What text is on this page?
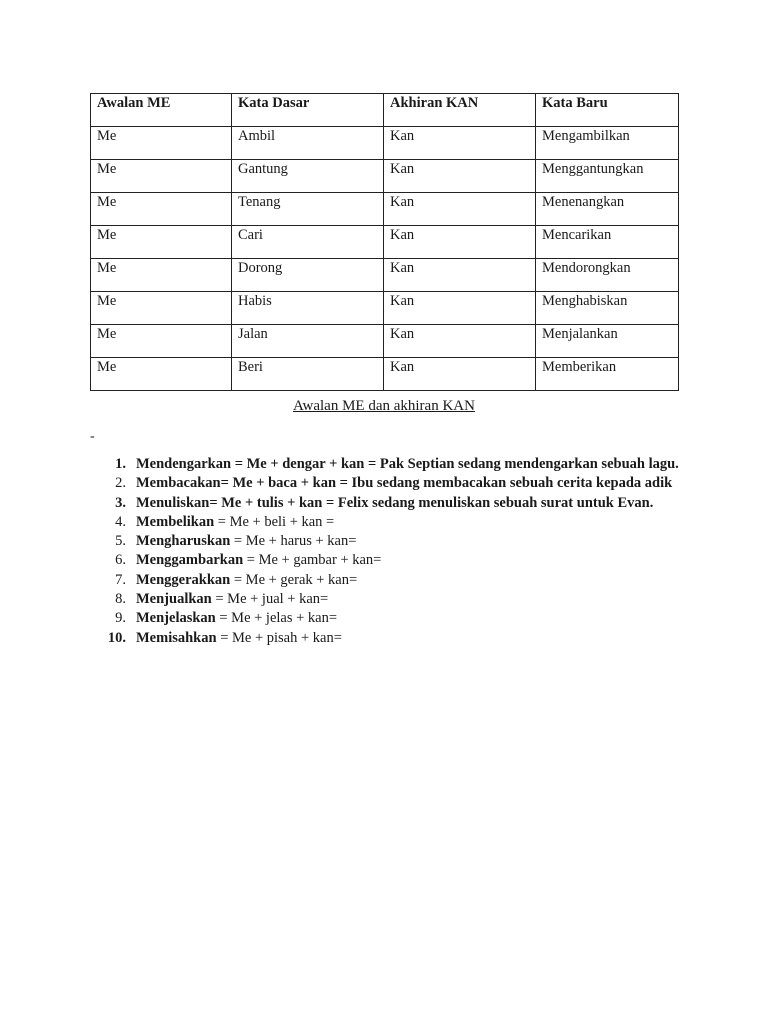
Awalan ME	Kata Dasar	Akhiran KAN	Kata Baru
Me	Ambil	Kan	Mengambilkan
Me	Gantung	Kan	Menggantungkan
Me	Tenang	Kan	Menenangkan
Me	Cari	Kan	Mencarikan
Me	Dorong	Kan	Mendorongkan
Me	Habis	Kan	Menghabiskan
Me	Jalan	Kan	Menjalankan
Me	Beri	Kan	Memberikan
Awalan ME dan akhiran KAN
-
1. Mendengarkan = Me + dengar + kan = Pak Septian sedang mendengarkan sebuah lagu.
2. Membacakan= Me + baca + kan = Ibu sedang membacakan sebuah cerita kepada adik
3. Menuliskan= Me + tulis + kan = Felix sedang menuliskan sebuah surat untuk Evan.
4. Membelikan = Me + beli + kan =
5. Mengharuskan = Me + harus + kan=
6. Menggambarkan = Me + gambar + kan=
7. Menggerakkan = Me + gerak + kan=
8. Menjualkan = Me + jual + kan=
9. Menjelaskan = Me + jelas + kan=
10. Memisahkan = Me + pisah + kan=
